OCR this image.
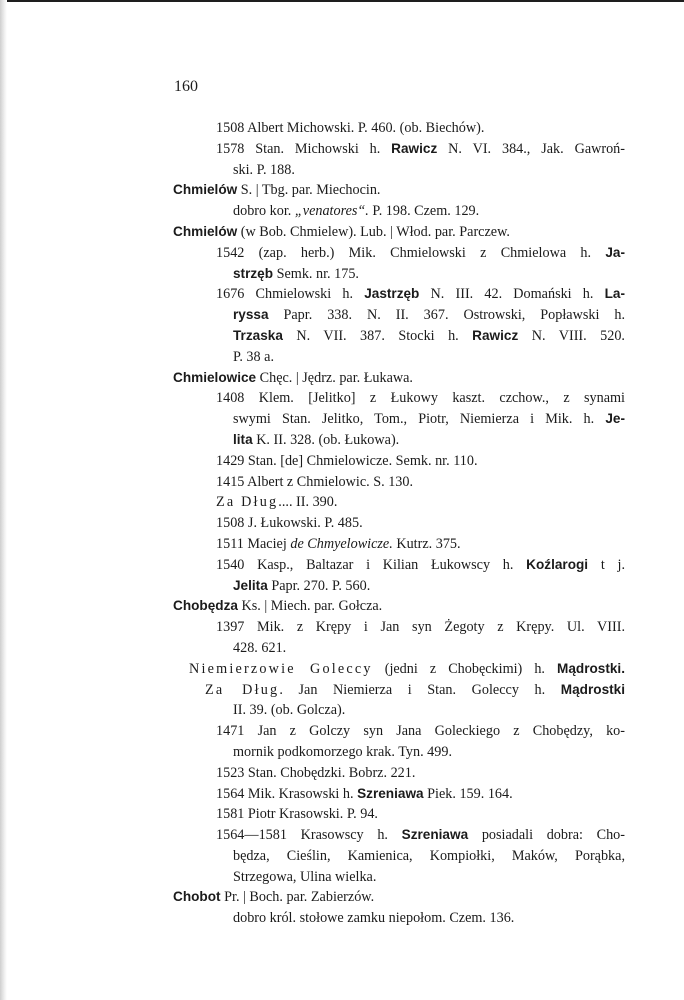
160
1508 Albert Michowski. P. 460. (ob. Biechów).
1578 Stan. Michowski h. Rawicz N. VI. 384., Jak. Gawroń-
ski. P. 188.
Chmielów S. | Tbg. par. Miechocin.
dobro kor. „venatores“. P. 198. Czem. 129.
Chmielów (w Bob. Chmielew). Lub. | Włod. par. Parczew.
1542 (zap. herb.) Mik. Chmielowski z Chmielowa h. Ja-
strzęb Semk. nr. 175.
1676 Chmielowski h. Jastrzęb N. III. 42. Domański h. La-
ryssa Papr. 338. N. II. 367. Ostrowski, Popławski h.
Trzaska N. VII. 387. Stocki h. Rawicz N. VIII. 520.
P. 38 a.
Chmielowice Chęc. | Jędrz. par. Łukawa.
1408 Klem. [Jelitko] z Łukowy kaszt. czchow., z synami
swymi Stan. Jelitko, Tom., Piotr, Niemierza i Mik. h. Je-
lita K. II. 328. (ob. Łukowa).
1429 Stan. [de] Chmielowicze. Semk. nr. 110.
1415 Albert z Chmielowic. S. 130.
Za Dług.... II. 390.
1508 J. Łukowski. P. 485.
1511 Maciej de Chmyelowicze. Kutrz. 375.
1540 Kasp., Baltazar i Kilian Łukowscy h. Koźlarogi t j.
Jelita Papr. 270. P. 560.
Chobędza Ks. | Miech. par. Gołcza.
1397 Mik. z Krępy i Jan syn Żegoty z Krępy. Ul. VIII.
428. 621.
Niemierzowie Goleccy (jedni z Chobęckimi) h. Mądrostki.
Za Dług. Jan Niemierza i Stan. Goleccy h. Mądrostki
II. 39. (ob. Golcza).
1471 Jan z Golczy syn Jana Goleckiego z Chobędzy, ko-
mornik podkomorzego krak. Tyn. 499.
1523 Stan. Chobędzki. Bobrz. 221.
1564 Mik. Krasowski h. Szreniawa Piek. 159. 164.
1581 Piotr Krasowski. P. 94.
1564—1581 Krasowscy h. Szreniawa posiadali dobra: Cho-
będza, Cieślin, Kamienica, Kompiołki, Maków, Porąbka,
Strzegowa, Ulina wielka.
Chobot Pr. | Boch. par. Zabierzów.
dobro król. stołowe zamku niepołom. Czem. 136.
